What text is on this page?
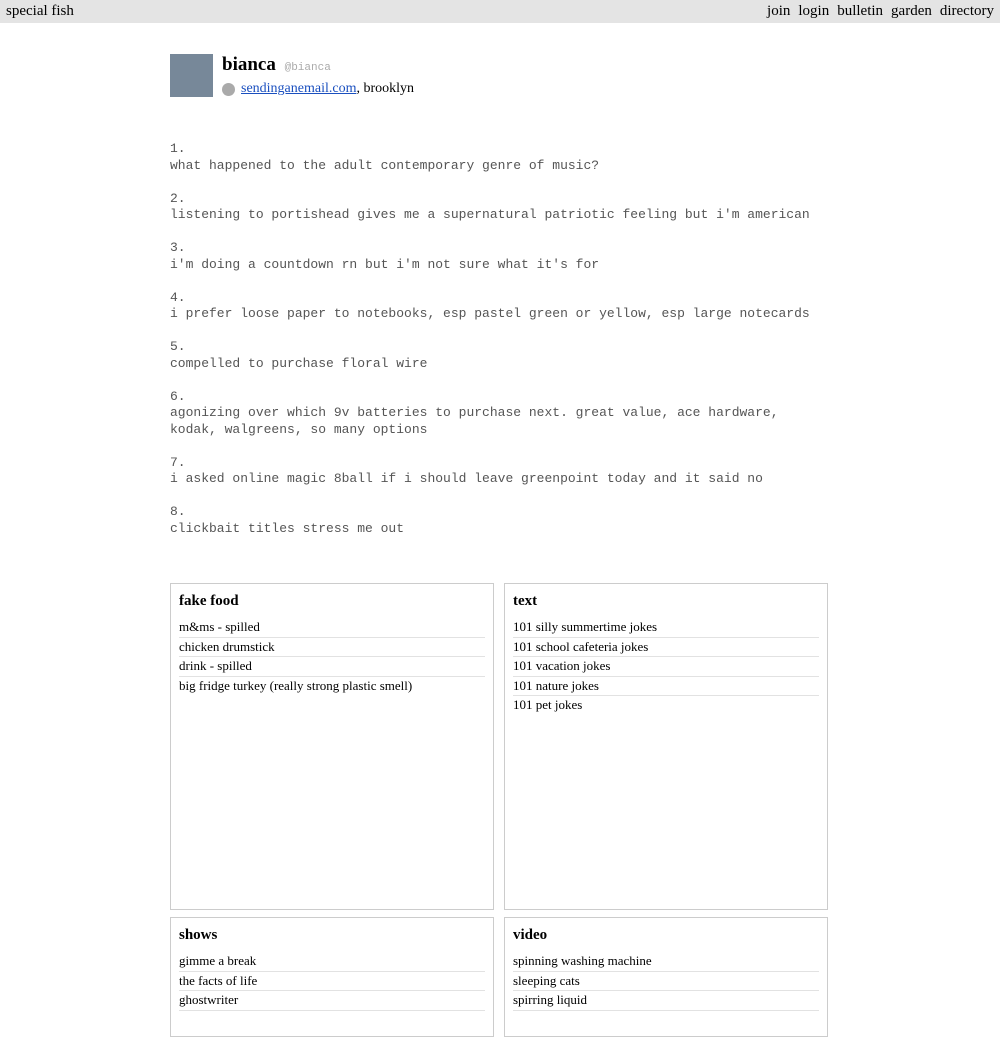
special fish	join login bulletin garden directory
bianca @bianca
sendinganemail.com ,
brooklyn
1.
what happened to the adult contemporary genre of music?
2.
listening to portishead gives me a supernatural patriotic feeling but i'm american
3.
i'm doing a countdown rn but i'm not sure what it's for
4.
i prefer loose paper to notebooks, esp pastel green or yellow, esp large notecards
5.
compelled to purchase floral wire
6.
agonizing over which 9v batteries to purchase next. great value, ace hardware, kodak, walgreens, so many options
7.
i asked online magic 8ball if i should leave greenpoint today and it said no
8.
clickbait titles stress me out
fake food
m&ms - spilled
chicken drumstick
drink - spilled
big fridge turkey (really strong plastic smell)
text
101 silly summertime jokes
101 school cafeteria jokes
101 vacation jokes
101 nature jokes
101 pet jokes
shows
gimme a break
the facts of life
ghostwriter
video
spinning washing machine
sleeping cats
spirring liquid
